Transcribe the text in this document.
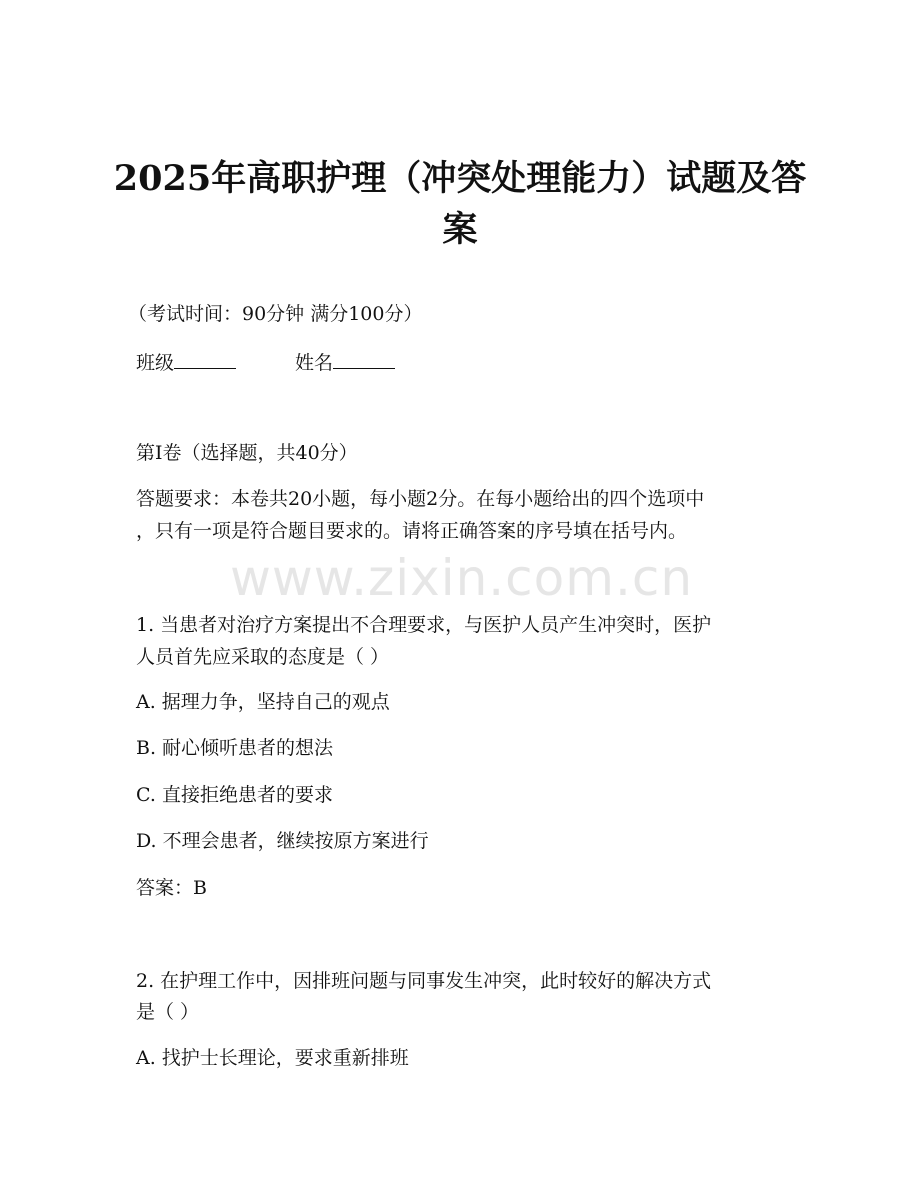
2025年高职护理（冲突处理能力）试题及答
案

（考试时间：90分钟 满分100分）

班级	姓名

第I卷（选择题，共40分）

答题要求：本卷共20小题，每小题2分。在每小题给出的四个选项中

，只有一项是符合题目要求的。请将正确答案的序号填在括号内。

www.zixin.com.cn

1. 当患者对治疗方案提出不合理要求，与医护人员产生冲突时，医护

人员首先应采取的态度是（ ）

A. 据理力争，坚持自己的观点

B. 耐心倾听患者的想法

C. 直接拒绝患者的要求

D. 不理会患者，继续按原方案进行

答案：B

2. 在护理工作中，因排班问题与同事发生冲突，此时较好的解决方式

是（ ）

A. 找护士长理论，要求重新排班
